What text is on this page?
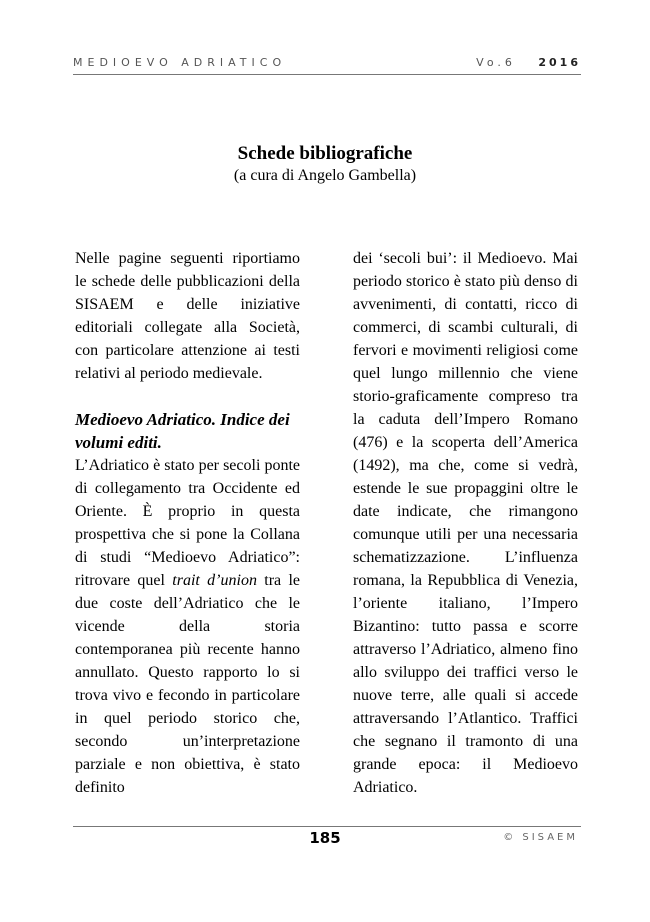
MEDIOEVO ADRIATICO	Vo.6 2016
Schede bibliografiche
(a cura di Angelo Gambella)

Nelle pagine seguenti riportiamo le schede delle pubblicazioni della SISAEM e delle iniziative editoriali collegate alla Società, con particolare attenzione ai testi relativi al periodo medievale.

Medioevo Adriatico. Indice dei volumi editi.

L’Adriatico è stato per secoli ponte di collegamento tra Occidente ed Oriente. È proprio in questa prospettiva che si pone la Collana di studi “Medioevo Adriatico”: ritrovare quel trait d’union tra le due coste dell’Adriatico che le vicende della storia contemporanea più recente hanno annullato. Questo rapporto lo si trova vivo e fecondo in particolare in quel periodo storico che, secondo un’interpretazione parziale e non obiettiva, è stato definito

dei ‘secoli bui’: il Medioevo. Mai periodo storico è stato più denso di avvenimenti, di contatti, ricco di commerci, di scambi culturali, di fervori e movimenti religiosi come quel lungo millennio che viene storio-graficamente compreso tra la caduta dell’Impero Romano (476) e la scoperta dell’America (1492), ma che, come si vedrà, estende le sue propaggini oltre le date indicate, che rimangono comunque utili per una necessaria schematizzazione. L’influenza romana, la Repubblica di Venezia, l’oriente italiano, l’Impero Bizantino: tutto passa e scorre attraverso l’Adriatico, almeno fino allo sviluppo dei traffici verso le nuove terre, alle quali si accede attraversando l’Atlantico. Traffici che segnano il tramonto di una grande epoca: il Medioevo Adriatico.

185	© SISAEM
